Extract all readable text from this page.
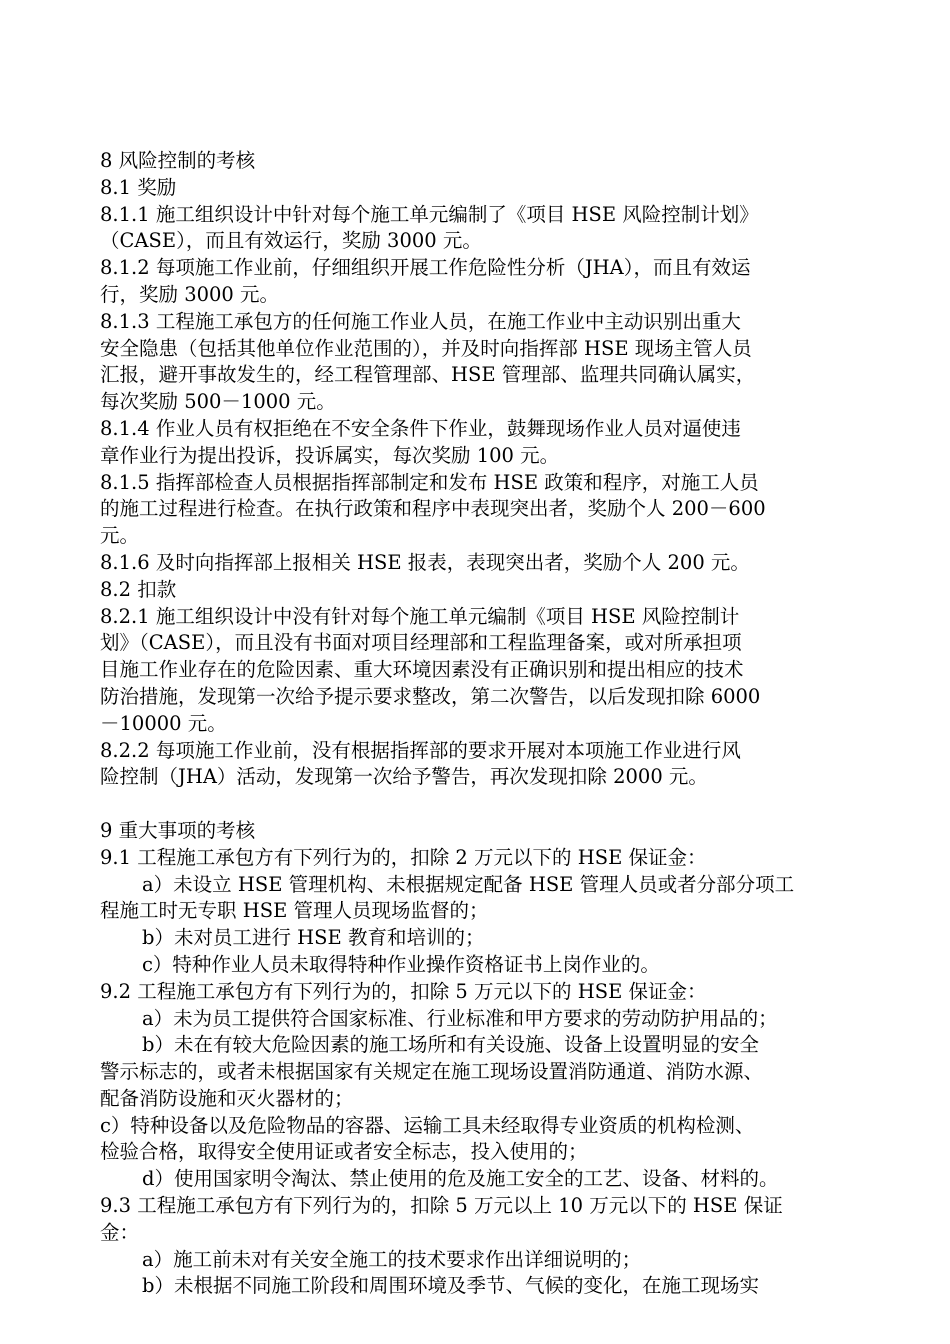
8 风险控制的考核
8.1 奖励
8.1.1 施工组织设计中针对每个施工单元编制了《项目 HSE 风险控制计划》
（CASE），而且有效运行，奖励 3000 元。
8.1.2 每项施工作业前，仔细组织开展工作危险性分析（JHA），而且有效运
行，奖励 3000 元。
8.1.3 工程施工承包方的任何施工作业人员，在施工作业中主动识别出重大
安全隐患（包括其他单位作业范围的），并及时向指挥部 HSE 现场主管人员
汇报，避开事故发生的，经工程管理部、HSE 管理部、监理共同确认属实，
每次奖励 500－1000 元。
8.1.4 作业人员有权拒绝在不安全条件下作业，鼓舞现场作业人员对逼使违
章作业行为提出投诉，投诉属实，每次奖励 100 元。
8.1.5 指挥部检查人员根据指挥部制定和发布 HSE 政策和程序，对施工人员
的施工过程进行检查。在执行政策和程序中表现突出者，奖励个人 200－600
元。
8.1.6 及时向指挥部上报相关 HSE 报表，表现突出者，奖励个人 200 元。
8.2 扣款
8.2.1 施工组织设计中没有针对每个施工单元编制《项目 HSE 风险控制计
划》（CASE），而且没有书面对项目经理部和工程监理备案，或对所承担项
目施工作业存在的危险因素、重大环境因素没有正确识别和提出相应的技术
防治措施，发现第一次给予提示要求整改，第二次警告，以后发现扣除 6000
－10000 元。
8.2.2 每项施工作业前，没有根据指挥部的要求开展对本项施工作业进行风
险控制（JHA）活动，发现第一次给予警告，再次发现扣除 2000 元。
9 重大事项的考核
9.1 工程施工承包方有下列行为的，扣除 2 万元以下的 HSE 保证金：
a）未设立 HSE 管理机构、未根据规定配备 HSE 管理人员或者分部分项工
程施工时无专职 HSE 管理人员现场监督的；
b）未对员工进行 HSE 教育和培训的；
c）特种作业人员未取得特种作业操作资格证书上岗作业的。
9.2 工程施工承包方有下列行为的，扣除 5 万元以下的 HSE 保证金：
a）未为员工提供符合国家标准、行业标准和甲方要求的劳动防护用品的；
b）未在有较大危险因素的施工场所和有关设施、设备上设置明显的安全
警示标志的，或者未根据国家有关规定在施工现场设置消防通道、消防水源、
配备消防设施和灭火器材的；
c）特种设备以及危险物品的容器、运输工具未经取得专业资质的机构检测、
检验合格，取得安全使用证或者安全标志，投入使用的；
d）使用国家明令淘汰、禁止使用的危及施工安全的工艺、设备、材料的。
9.3 工程施工承包方有下列行为的，扣除 5 万元以上 10 万元以下的 HSE 保证
金：
a）施工前未对有关安全施工的技术要求作出详细说明的；
b）未根据不同施工阶段和周围环境及季节、气候的变化，在施工现场实
